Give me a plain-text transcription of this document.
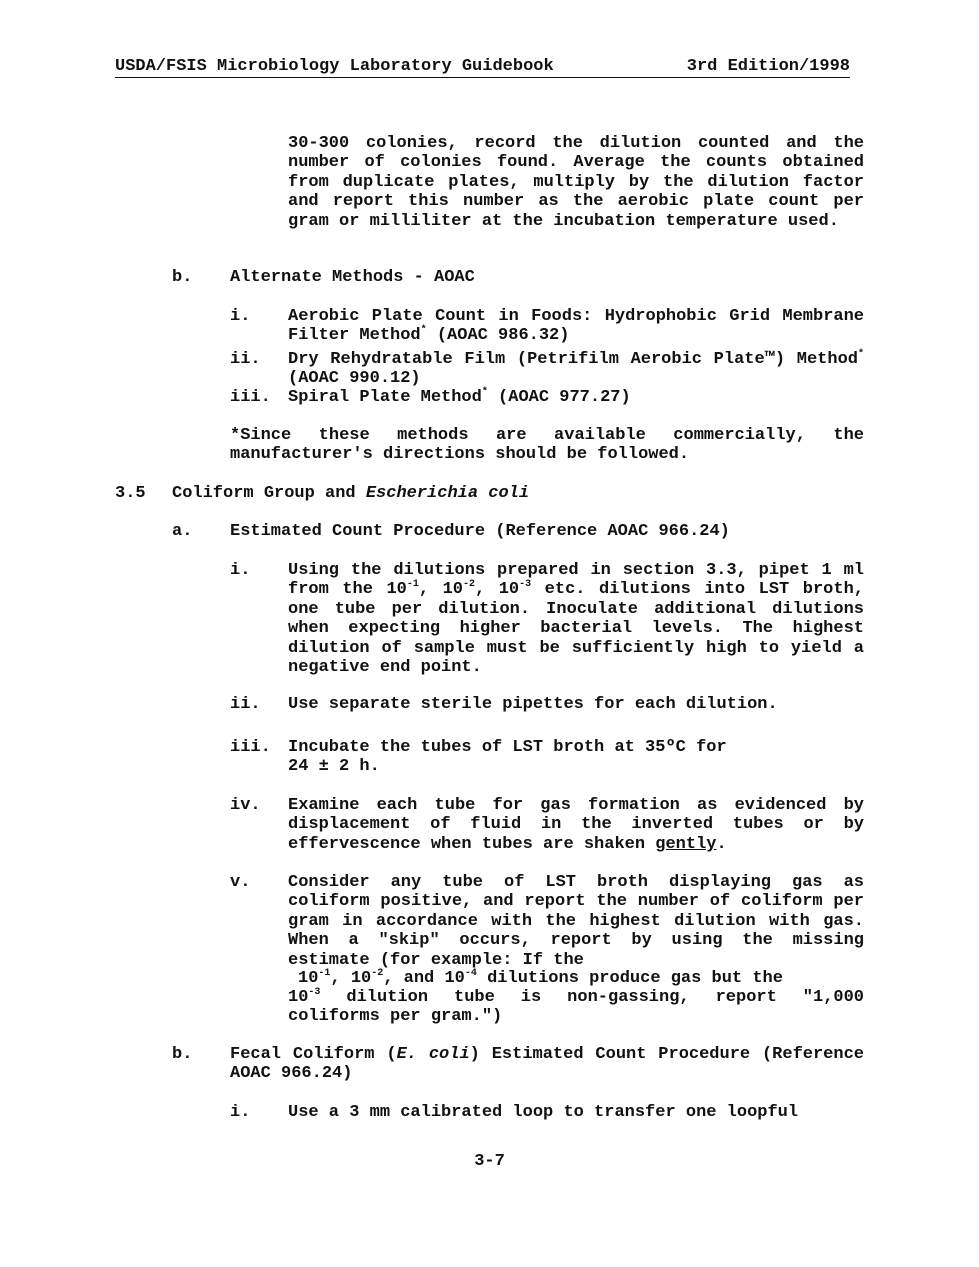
USDA/FSIS Microbiology Laboratory Guidebook	3rd Edition/1998
30-300 colonies, record the dilution counted and the number of colonies found. Average the counts obtained from duplicate plates, multiply by the dilution factor and report this number as the aerobic plate count per gram or milliliter at the incubation temperature used.
b. Alternate Methods - AOAC
i. Aerobic Plate Count in Foods: Hydrophobic Grid Membrane Filter Method* (AOAC 986.32)
ii. Dry Rehydratable Film (Petrifilm Aerobic Plate™) Method* (AOAC 990.12)
iii. Spiral Plate Method* (AOAC 977.27)
*Since these methods are available commercially, the manufacturer's directions should be followed.
3.5 Coliform Group and Escherichia coli
a. Estimated Count Procedure (Reference AOAC 966.24)
i. Using the dilutions prepared in section 3.3, pipet 1 ml from the $10^{-1}$, $10^{-2}$, $10^{-3}$ etc. dilutions into LST broth, one tube per dilution. Inoculate additional dilutions when expecting higher bacterial levels. The highest dilution of sample must be sufficiently high to yield a negative end point.
ii. Use separate sterile pipettes for each dilution.
iii. Incubate the tubes of LST broth at 35ºC for
24 ± 2 h.
iv. Examine each tube for gas formation as evidenced by displacement of fluid in the inverted tubes or by effervescence when tubes are shaken gently.
v. Consider any tube of LST broth displaying gas as coliform positive, and report the number of coliform per gram in accordance with the highest dilution with gas. When a "skip" occurs, report by using the missing estimate (for example: If the
$10^{-1}$, $10^{-2}$, and $10^{-4}$ dilutions produce gas but the
$10^{-3}$ dilution tube is non-gassing, report "1,000 coliforms per gram.")
b. Fecal Coliform (E. coli) Estimated Count Procedure (Reference AOAC 966.24)
i. Use a 3 mm calibrated loop to transfer one loopful
3-7
